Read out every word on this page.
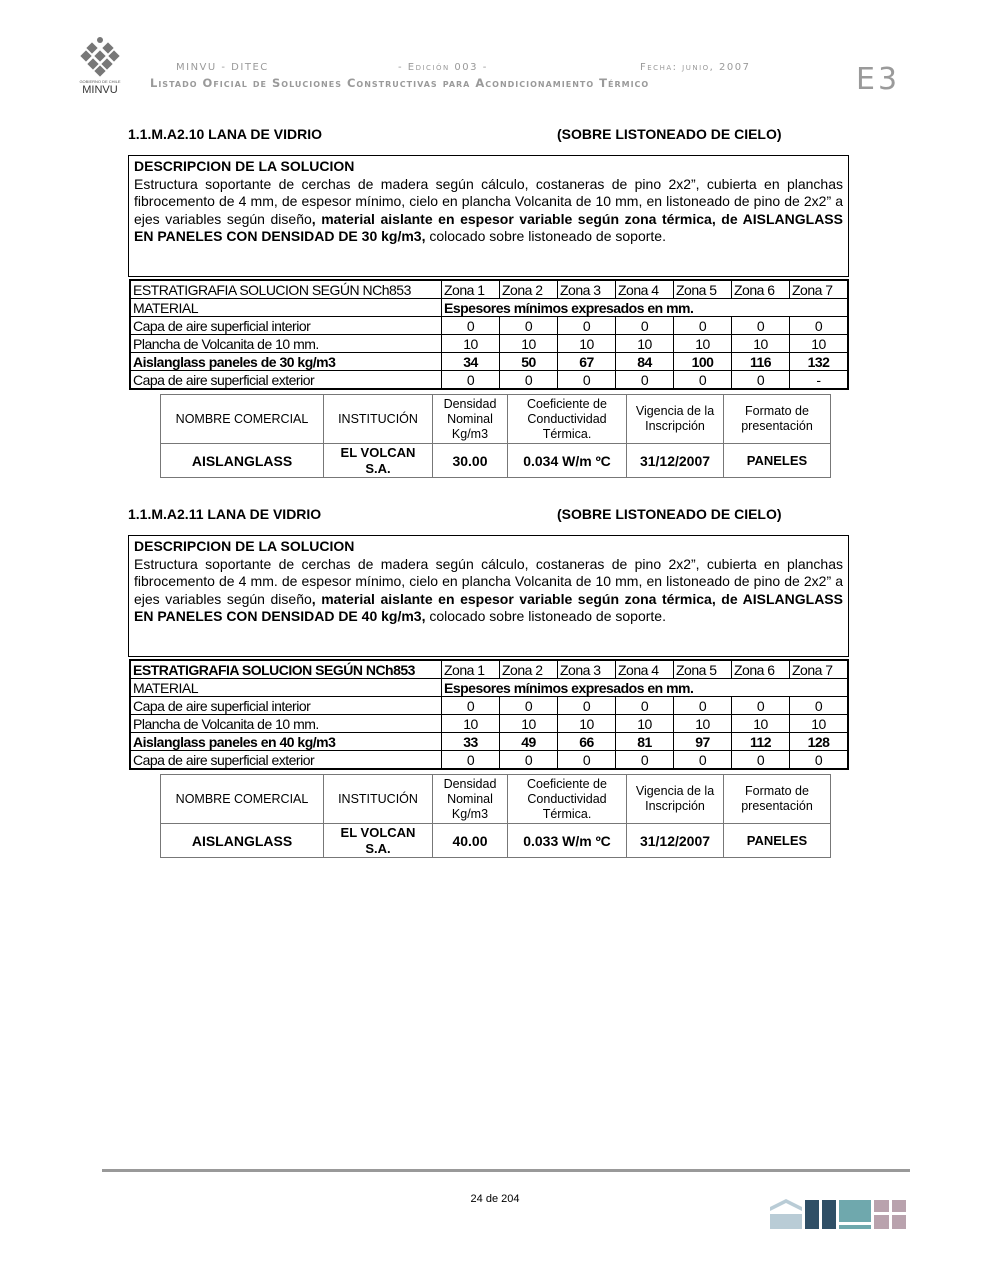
GOBIERNO DE CHILE
MINVU
MINVU - DITEC	- Edición 003 -	Fecha: junio, 2007
Listado Oficial de Soluciones Constructivas para Acondicionamiento Térmico	E3
1.1.M.A2.10 LANA DE VIDRIO	(SOBRE LISTONEADO DE CIELO)
DESCRIPCION DE LA SOLUCION
Estructura soportante de cerchas de madera según cálculo, costaneras de pino 2x2”, cubierta en planchas fibrocemento de 4 mm, de espesor mínimo, cielo en plancha Volcanita de 10 mm, en listoneado de pino de 2x2” a ejes variables según diseño, material aislante en espesor variable según zona térmica, de AISLANGLASS EN PANELES CON DENSIDAD DE 30 kg/m3, colocado sobre listoneado de soporte.
ESTRATIGRAFIA SOLUCION SEGÚN NCh853	Zona 1	Zona 2	Zona 3	Zona 4	Zona 5	Zona 6	Zona 7
MATERIAL	Espesores mínimos expresados en mm.						
Capa de aire superficial interior	0	0	0	0	0	0	0
Plancha de Volcanita de 10 mm.	10	10	10	10	10	10	10
Aislanglass paneles de 30 kg/m3	34	50	67	84	100	116	132
Capa de aire superficial exterior	0	0	0	0	0	0	-
NOMBRE COMERCIAL	INSTITUCIÓN	Densidad Nominal Kg/m3	Coeficiente de Conductividad Térmica.	Vigencia de la Inscripción	Formato de presentación
AISLANGLASS	EL VOLCAN S.A.	30.00	0.034 W/m ºC	31/12/2007	PANELES
1.1.M.A2.11 LANA DE VIDRIO	(SOBRE LISTONEADO DE CIELO)
DESCRIPCION DE LA SOLUCION
Estructura soportante de cerchas de madera según cálculo, costaneras de pino 2x2”, cubierta en planchas fibrocemento de 4 mm. de espesor mínimo, cielo en plancha Volcanita de 10 mm, en listoneado de pino de 2x2” a ejes variables según diseño, material aislante en espesor variable según zona térmica, de AISLANGLASS EN PANELES CON DENSIDAD DE 40 kg/m3, colocado sobre listoneado de soporte.
ESTRATIGRAFIA SOLUCION SEGÚN NCh853	Zona 1	Zona 2	Zona 3	Zona 4	Zona 5	Zona 6	Zona 7
MATERIAL	Espesores mínimos expresados en mm.						
Capa de aire superficial interior	0	0	0	0	0	0	0
Plancha de Volcanita de 10 mm.	10	10	10	10	10	10	10
Aislanglass paneles en 40 kg/m3	33	49	66	81	97	112	128
Capa de aire superficial exterior	0	0	0	0	0	0	0
NOMBRE COMERCIAL	INSTITUCIÓN	Densidad Nominal Kg/m3	Coeficiente de Conductividad Térmica.	Vigencia de la Inscripción	Formato de presentación
AISLANGLASS	EL VOLCAN S.A.	40.00	0.033 W/m ºC	31/12/2007	PANELES
24 de 204
